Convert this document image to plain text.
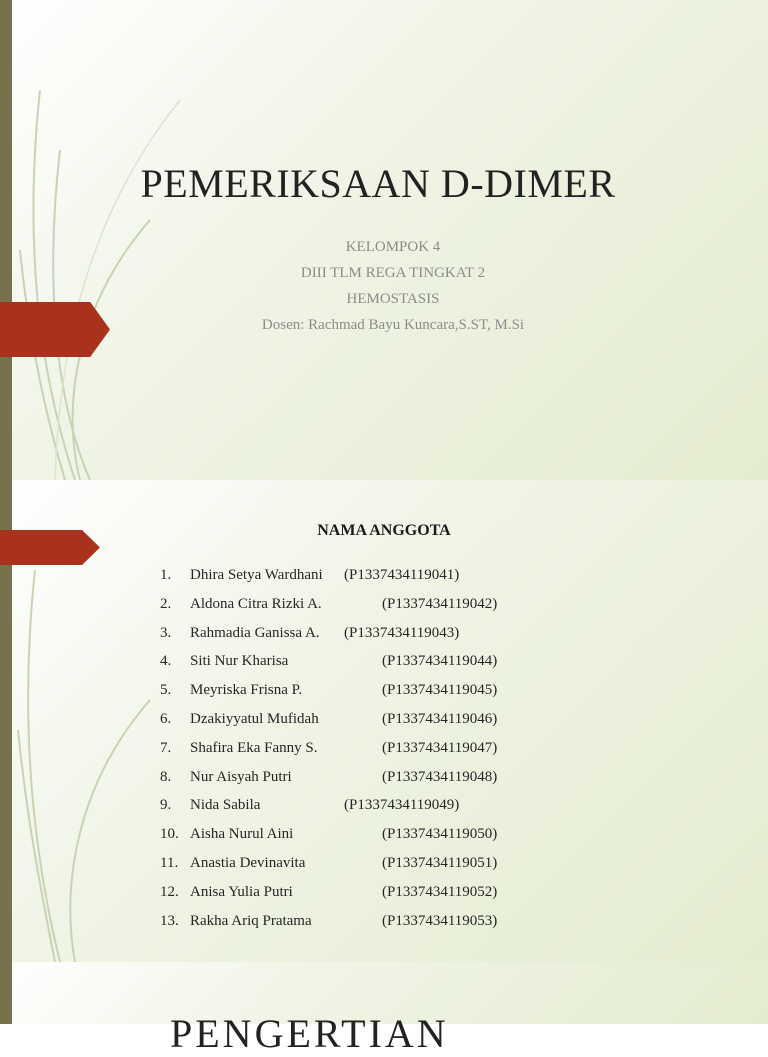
PEMERIKSAAN D-DIMER
KELOMPOK 4
DIII TLM REGA TINGKAT 2
HEMOSTASIS
Dosen: Rachmad Bayu Kuncara,S.ST, M.Si
NAMA ANGGOTA
1. Dhira Setya Wardhani (P1337434119041)
2. Aldona Citra Rizki A.	(P1337434119042)
3. Rahmadia Ganissa A. (P1337434119043)
4. Siti Nur Kharisa	(P1337434119044)
5. Meyriska Frisna P.	(P1337434119045)
6. Dzakiyyatul Mufidah	(P1337434119046)
7. Shafira Eka Fanny S.	(P1337434119047)
8. Nur Aisyah Putri	(P1337434119048)
9. Nida Sabila	(P1337434119049)
10. Aisha Nurul Aini	(P1337434119050)
11. Anastia Devinavita	(P1337434119051)
12. Anisa Yulia Putri	(P1337434119052)
13. Rakha Ariq Pratama	(P1337434119053)
PENGERTIAN
